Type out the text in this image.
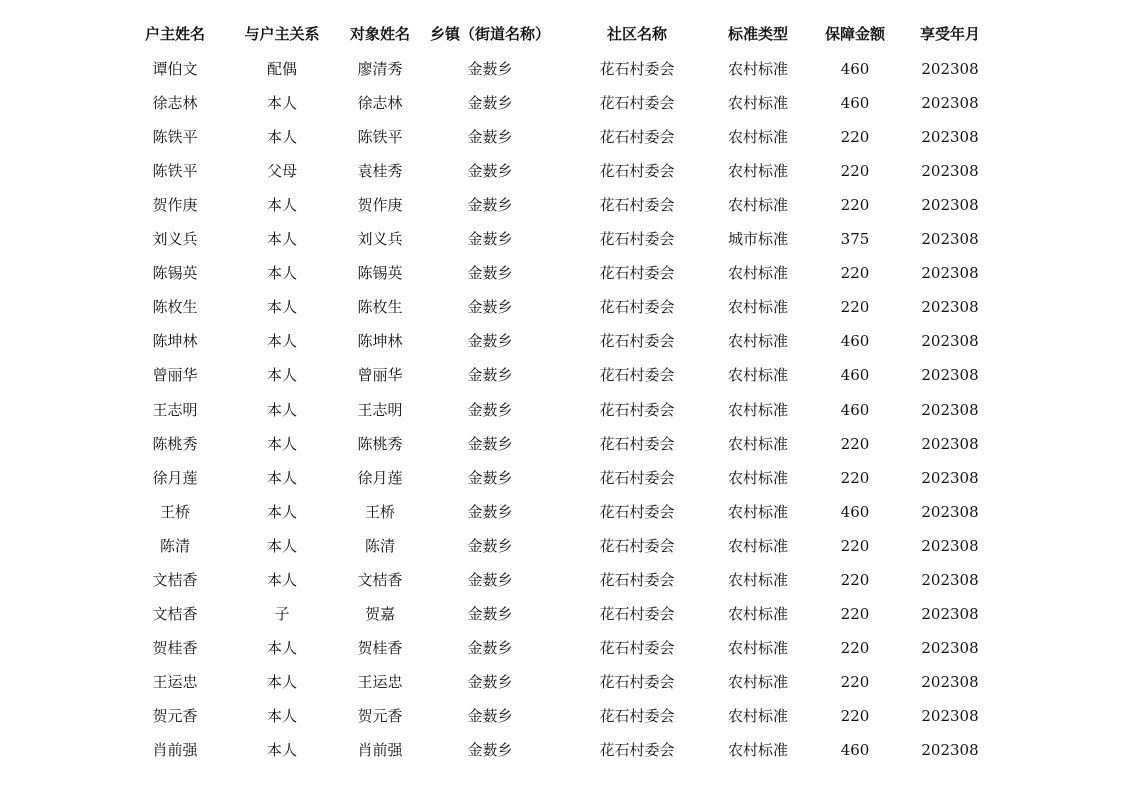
户主姓名	与户主关系	对象姓名	乡镇（街道名称）	社区名称	标准类型	保障金额	享受年月
谭伯文	配偶	廖清秀	金薮乡	花石村委会	农村标准	460	202308
徐志林	本人	徐志林	金薮乡	花石村委会	农村标准	460	202308
陈铁平	本人	陈铁平	金薮乡	花石村委会	农村标准	220	202308
陈铁平	父母	袁桂秀	金薮乡	花石村委会	农村标准	220	202308
贺作庚	本人	贺作庚	金薮乡	花石村委会	农村标准	220	202308
刘义兵	本人	刘义兵	金薮乡	花石村委会	城市标准	375	202308
陈锡英	本人	陈锡英	金薮乡	花石村委会	农村标准	220	202308
陈枚生	本人	陈枚生	金薮乡	花石村委会	农村标准	220	202308
陈坤林	本人	陈坤林	金薮乡	花石村委会	农村标准	460	202308
曾丽华	本人	曾丽华	金薮乡	花石村委会	农村标准	460	202308
王志明	本人	王志明	金薮乡	花石村委会	农村标准	460	202308
陈桃秀	本人	陈桃秀	金薮乡	花石村委会	农村标准	220	202308
徐月莲	本人	徐月莲	金薮乡	花石村委会	农村标准	220	202308
王桥	本人	王桥	金薮乡	花石村委会	农村标准	460	202308
陈清	本人	陈清	金薮乡	花石村委会	农村标准	220	202308
文桔香	本人	文桔香	金薮乡	花石村委会	农村标准	220	202308
文桔香	子	贺嘉	金薮乡	花石村委会	农村标准	220	202308
贺桂香	本人	贺桂香	金薮乡	花石村委会	农村标准	220	202308
王运忠	本人	王运忠	金薮乡	花石村委会	农村标准	220	202308
贺元香	本人	贺元香	金薮乡	花石村委会	农村标准	220	202308
肖前强	本人	肖前强	金薮乡	花石村委会	农村标准	460	202308
